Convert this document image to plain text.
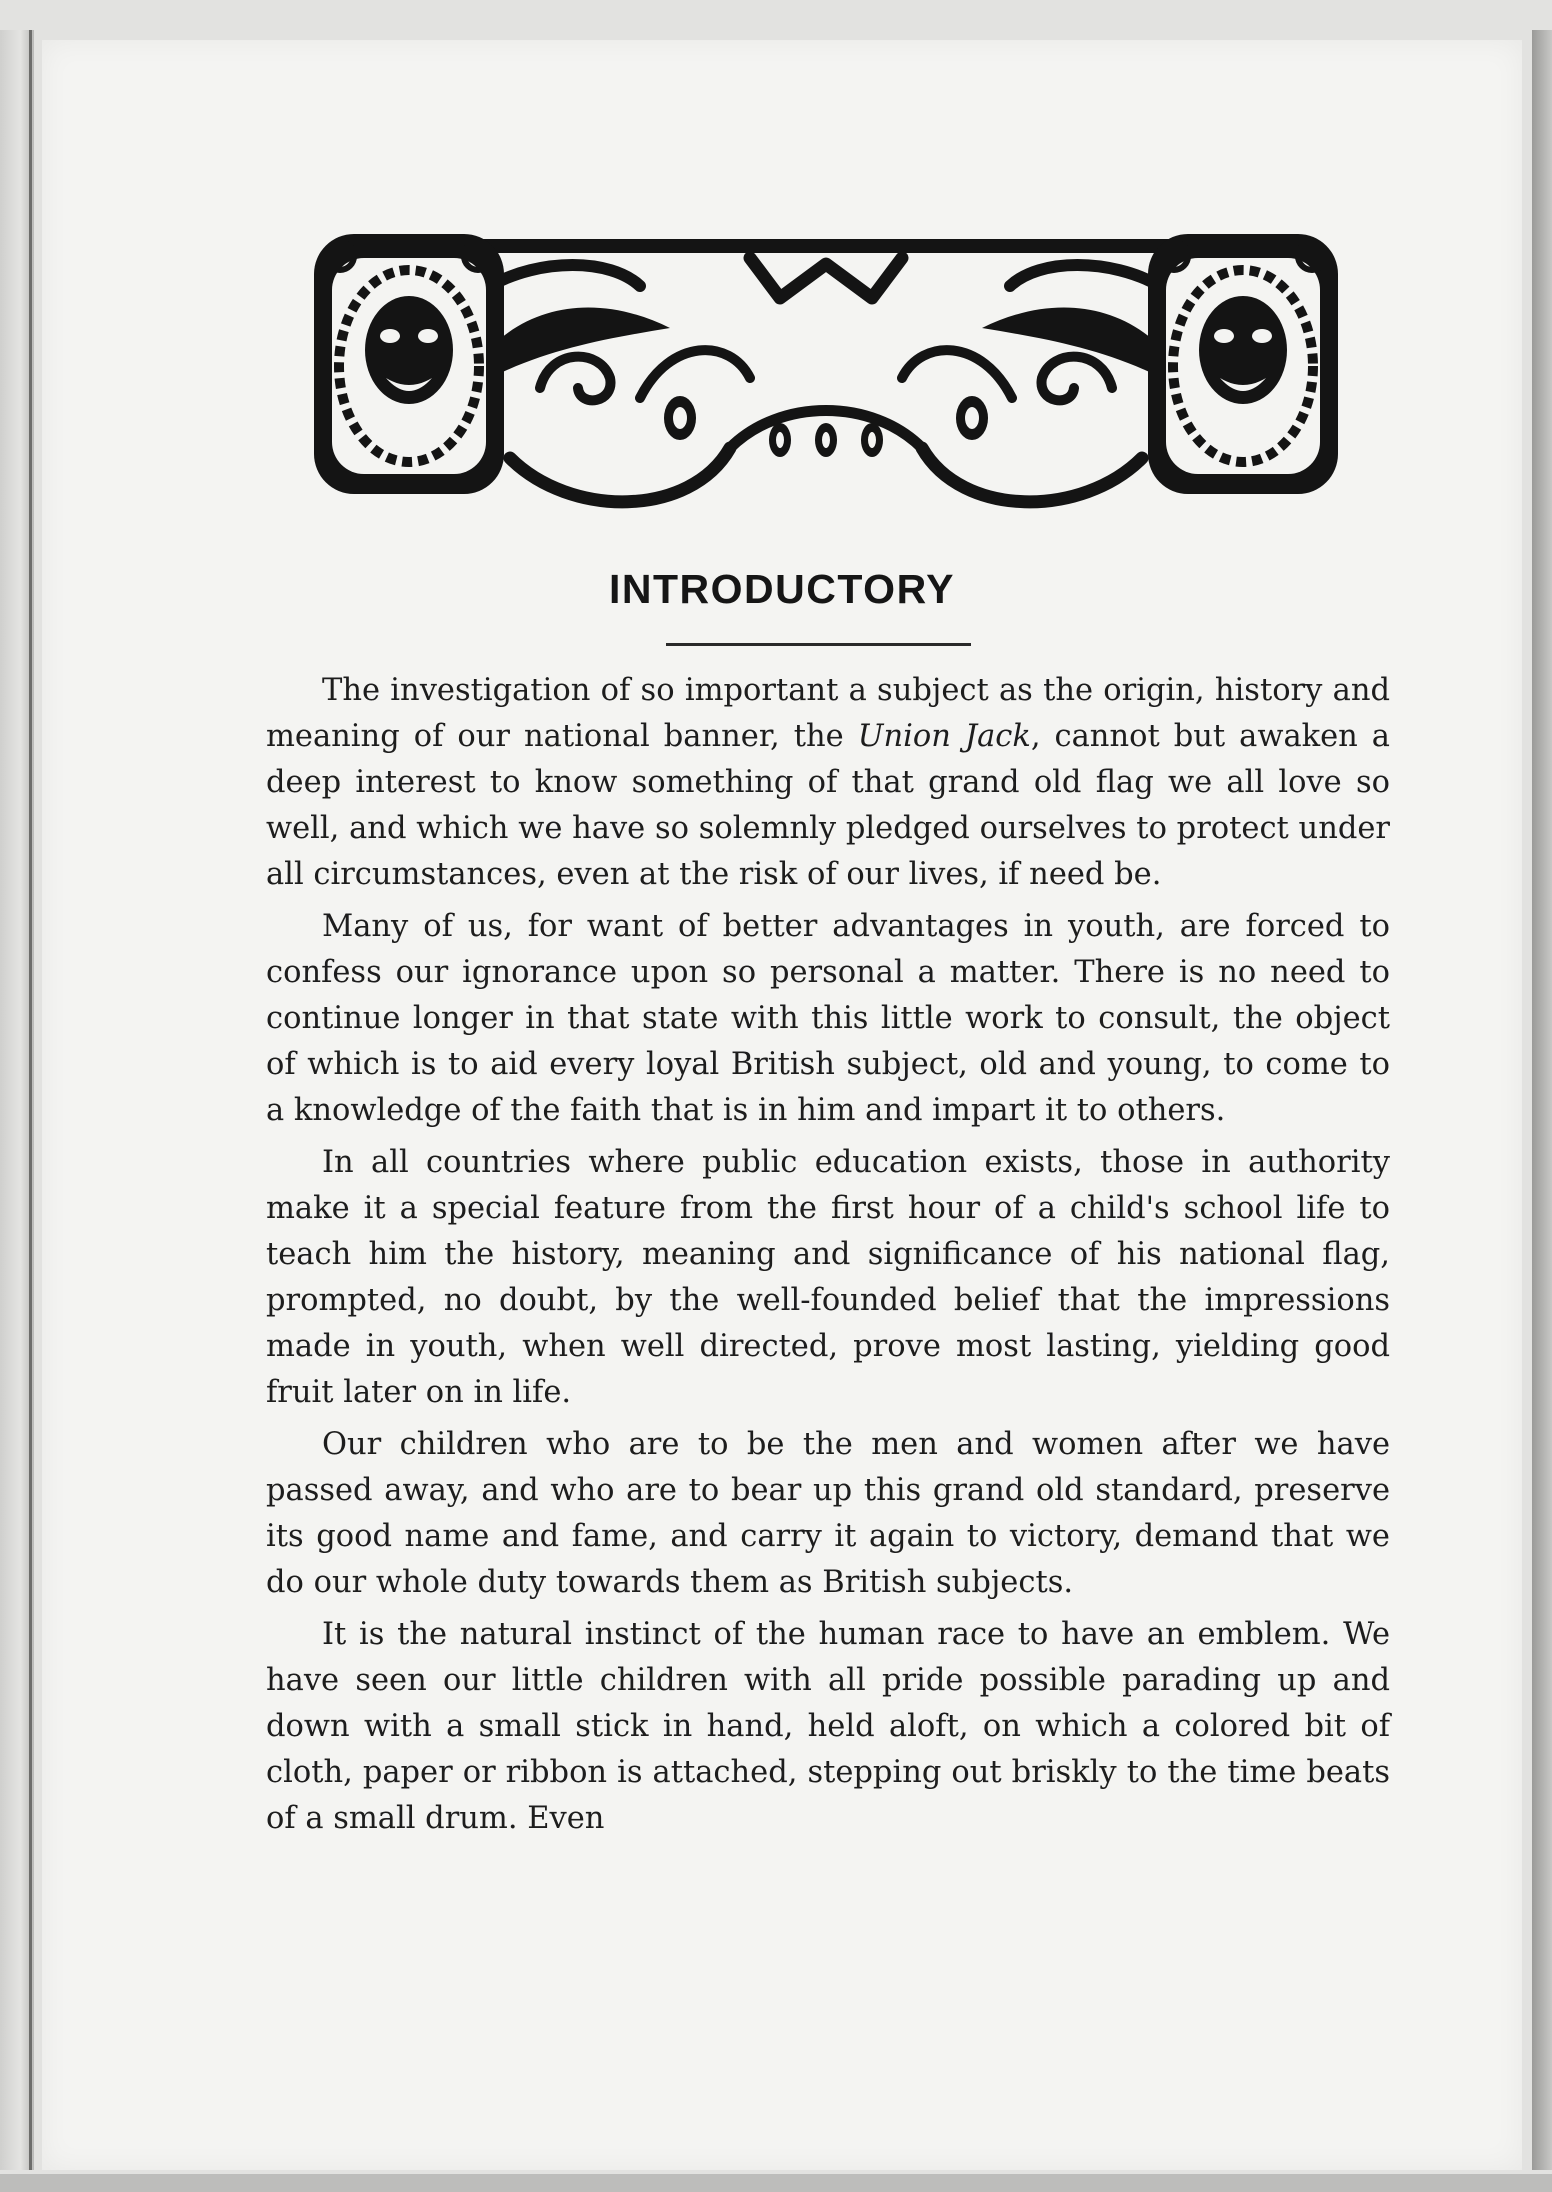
INTRODUCTORY

The investigation of so important a subject as the origin, history and meaning of our national banner, the Union Jack, cannot but awaken a deep interest to know something of that grand old flag we all love so well, and which we have so solemnly pledged ourselves to protect under all circumstances, even at the risk of our lives, if need be.

Many of us, for want of better advantages in youth, are forced to confess our ignorance upon so personal a matter. There is no need to continue longer in that state with this little work to consult, the object of which is to aid every loyal British subject, old and young, to come to a knowledge of the faith that is in him and impart it to others.

In all countries where public education exists, those in authority make it a special feature from the first hour of a child's school life to teach him the history, meaning and significance of his national flag, prompted, no doubt, by the well-founded belief that the impressions made in youth, when well directed, prove most lasting, yielding good fruit later on in life.

Our children who are to be the men and women after we have passed away, and who are to bear up this grand old standard, preserve its good name and fame, and carry it again to victory, demand that we do our whole duty towards them as British subjects.

It is the natural instinct of the human race to have an emblem. We have seen our little children with all pride possible parading up and down with a small stick in hand, held aloft, on which a colored bit of cloth, paper or ribbon is attached, stepping out briskly to the time beats of a small drum. Even
